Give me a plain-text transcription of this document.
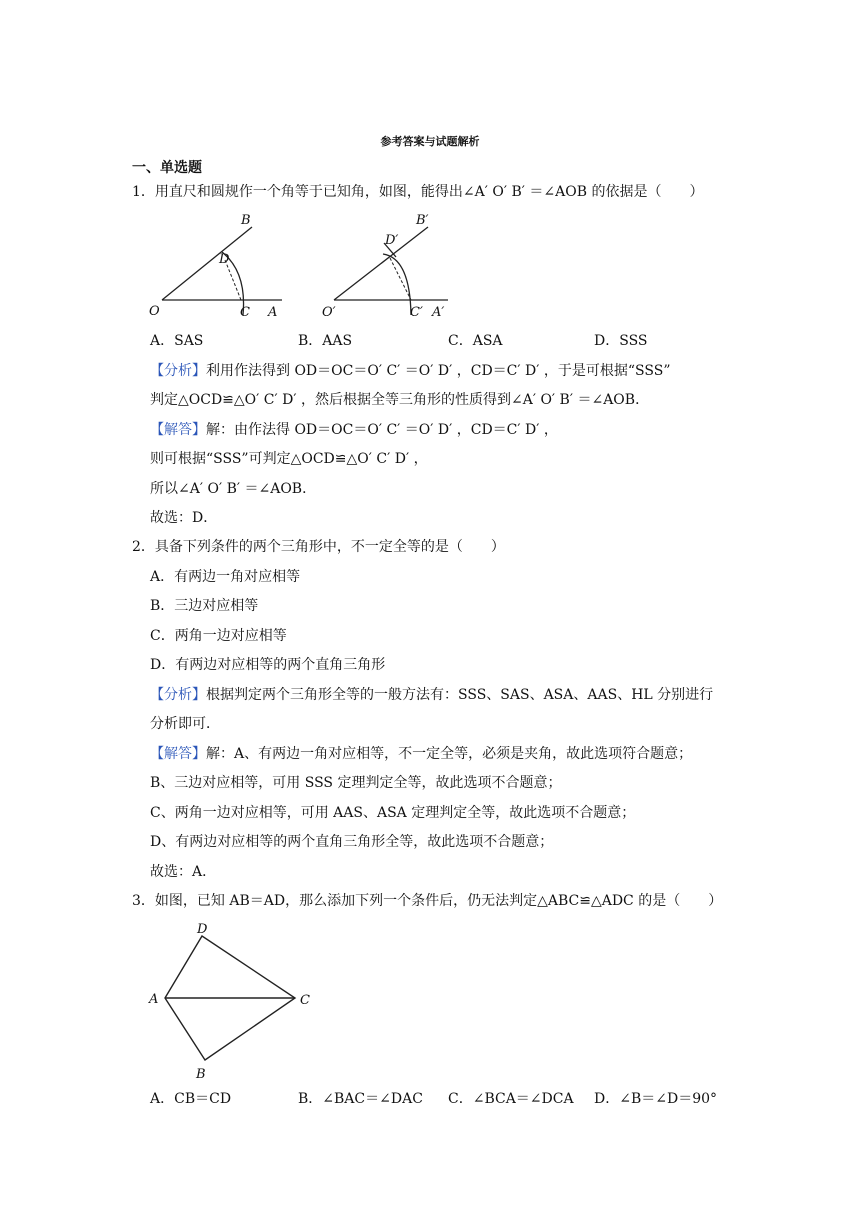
参考答案与试题解析
一、单选题
1．用直尺和圆规作一个角等于已知角，如图，能得出∠A′ O′ B′ ＝∠AOB 的依据是（　　）
B
D
O	C A
B′
D′
O′	C′ A′
A．SAS	B．AAS	C．ASA	D．SSS
【分析】利用作法得到 OD＝OC＝O′ C′ ＝O′ D′ ，CD＝C′ D′ ，于是可根据“SSS”
判定△OCD≌△O′ C′ D′ ，然后根据全等三角形的性质得到∠A′ O′ B′ ＝∠AOB．
【解答】解：由作法得 OD＝OC＝O′ C′ ＝O′ D′ ，CD＝C′ D′ ，
则可根据“SSS”可判定△OCD≌△O′ C′ D′ ，
所以∠A′ O′ B′ ＝∠AOB．
故选：D．
2．具备下列条件的两个三角形中，不一定全等的是（　　）
A．有两边一角对应相等
B．三边对应相等
C．两角一边对应相等
D．有两边对应相等的两个直角三角形
【分析】根据判定两个三角形全等的一般方法有：SSS、SAS、ASA、AAS、HL 分别进行
分析即可．
【解答】解：A、有两边一角对应相等，不一定全等，必须是夹角，故此选项符合题意；
B、三边对应相等，可用 SSS 定理判定全等，故此选项不合题意；
C、两角一边对应相等，可用 AAS、ASA 定理判定全等，故此选项不合题意；
D、有两边对应相等的两个直角三角形全等，故此选项不合题意；
故选：A．
3．如图，已知 AB＝AD，那么添加下列一个条件后，仍无法判定△ABC≌△ADC 的是（　　）
D
A	C
B
A．CB＝CD	B．∠BAC＝∠DAC C．∠BCA＝∠DCA D．∠B＝∠D＝90°
